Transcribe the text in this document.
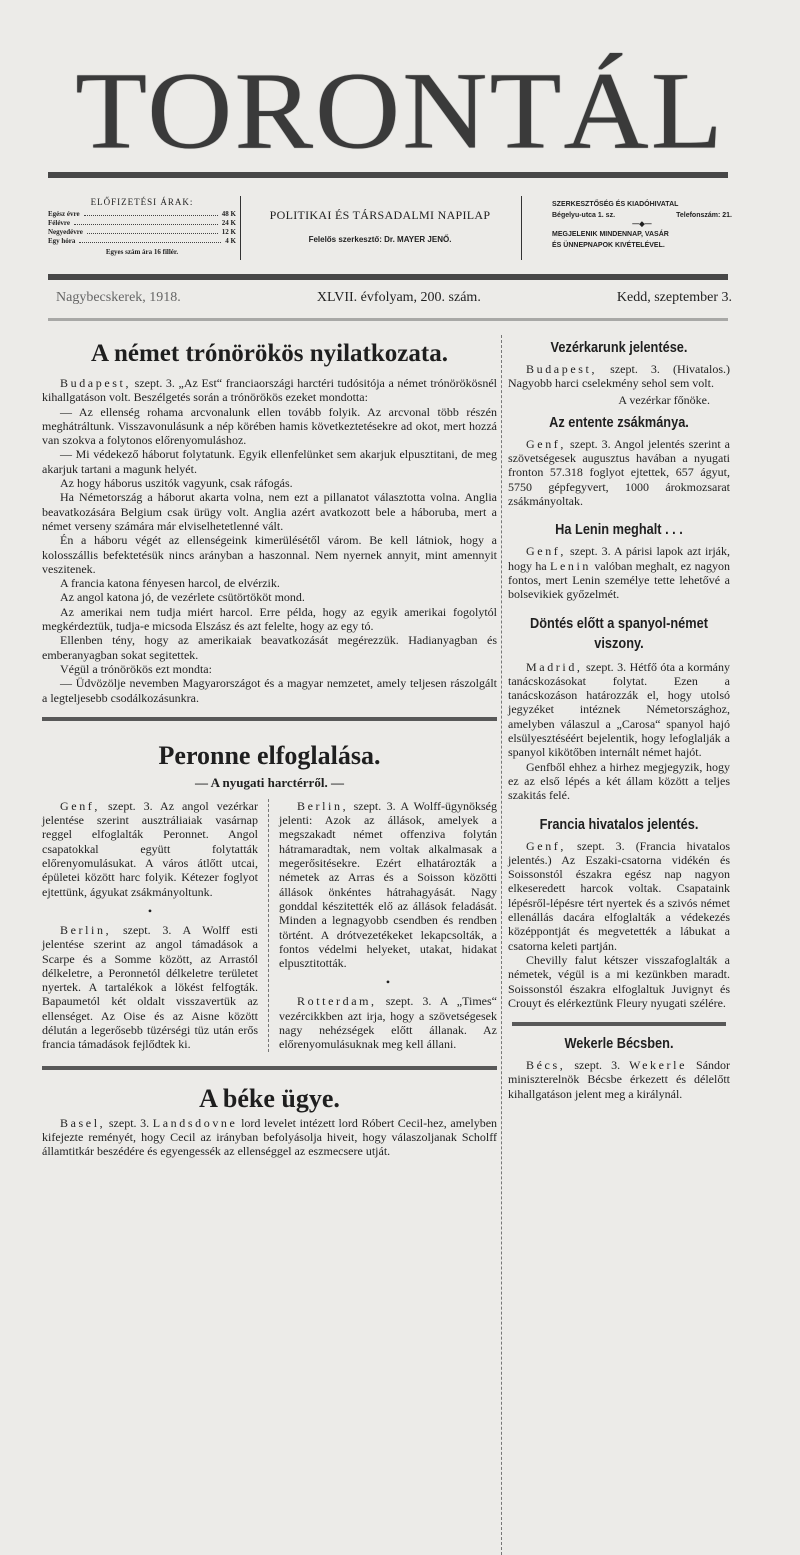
TORONTÁL
ELŐFIZETÉSI ÁRAK:
Egész évre	48 K
Félévre	24 K
Negyedévre	12 K
Egy hóra	4 K
Egyes szám ára 16 fillér.
POLITIKAI ÉS TÁRSADALMI NAPILAP
Felelős szerkesztő: Dr. MAYER JENŐ.
SZERKESZTŐSÉG ÉS KIADÓHIVATAL
Bégelyu-utca 1. sz.	Telefonszám: 21.
—◆—
MEGJELENIK MINDENNAP, VASÁR
ÉS ÜNNEPNAPOK KIVÉTELÉVEL.
Nagybecskerek, 1918.	XLVII. évfolyam, 200. szám.	Kedd, szeptember 3.
A német trónörökös nyilatkozata.

Budapest, szept. 3. „Az Est“ franciaországi harctéri tudósitója a német trónörökösnél kihallgatáson volt. Beszélgetés során a trónörökös ezeket mondotta:

— Az ellenség rohama arcvonalunk ellen tovább folyik. Az arcvonal több részén meghátráltunk. Visszavonulásunk a nép körében hamis következtetésekre ad okot, mert hozzá van szokva a folytonos előrenyomuláshoz.

— Mi védekező háborut folytatunk. Egyik ellenfelünket sem akarjuk elpusztitani, de meg akarjuk tartani a magunk helyét.

Az hogy háborus uszitók vagyunk, csak ráfogás.

Ha Németország a háborut akarta volna, nem ezt a pillanatot választotta volna. Anglia beavatkozására Belgium csak ürügy volt. Anglia azért avatkozott bele a háboruba, mert a német verseny számára már elviselhetetlenné vált.

Én a háboru végét az ellenségeink kimerülésétől várom. Be kell látniok, hogy a kolosszállis befektetésük nincs arányban a haszonnal. Nem nyernek annyit, mint amennyit veszitenek.

A francia katona fényesen harcol, de elvérzik.

Az angol katona jó, de vezérlete csütörtököt mond.

Az amerikai nem tudja miért harcol. Erre példa, hogy az egyik amerikai fogolytól megkérdeztük, tudja-e micsoda Elszász és azt felelte, hogy az egy tó.

Ellenben tény, hogy az amerikaiak beavatkozását megérezzük. Hadianyagban és emberanyagban sokat segitettek.

Végül a trónörökös ezt mondta:

— Üdvözölje nevemben Magyarországot és a magyar nemzetet, amely teljesen rászolgált a legteljesebb csodálkozásunkra.

Peronne elfoglalása.
— A nyugati harctérről. —

Genf, szept. 3. Az angol vezérkar jelentése szerint ausztráliaiak vasárnap reggel elfoglalták Peronnet. Angol csapatokkal együtt folytatták előrenyomulásukat. A város átlőtt utcai, épületei között harc folyik. Kétezer foglyot ejtettünk, ágyukat zsákmányoltunk.

•

Berlin, szept. 3. A Wolff esti jelentése szerint az angol támadások a Scarpe és a Somme között, az Arrastól délkeletre, a Peronnetól délkeletre területet nyertek. A tartalékok a lökést felfogták. Bapaumetól két oldalt visszavertük az ellenséget. Az Oise és az Aisne között délután a legerősebb tüzérségi tüz után erős francia támadások fejlődtek ki.

Berlin, szept. 3. A Wolff-ügynökség jelenti: Azok az állások, amelyek a megszakadt német offenziva folytán hátramaradtak, nem voltak alkalmasak a megerősitésekre. Ezért elhatározták a németek az Arras és a Soisson közötti állások önkéntes hátrahagyását. Nagy gonddal készitették elő az állások feladását. Minden a legnagyobb csendben és rendben történt. A drótvezetékeket lekapcsolták, a fontos védelmi helyeket, utakat, hidakat elpusztitották.

•

Rotterdam, szept. 3. A „Times“ vezércikkben azt irja, hogy a szövetségesek nagy nehézségek előtt állanak. Az előrenyomulásuknak meg kell állani.

A béke ügye.

Basel, szept. 3. Landsdovne lord levelet intézett lord Róbert Cecil-hez, amelyben kifejezte reményét, hogy Cecil az irányban befolyásolja hiveit, hogy válaszoljanak Scholff államtitkár beszédére és egyengessék az ellenséggel az eszmecsere utját.

Vezérkarunk jelentése.

Budapest, szept. 3. (Hivatalos.) Nagyobb harci cselekmény sehol sem volt.

A vezérkar főnöke.
Az entente zsákmánya.

Genf, szept. 3. Angol jelentés szerint a szövetségesek augusztus havában a nyugati fronton 57.318 foglyot ejtettek, 657 ágyut, 5750 gépfegyvert, 1000 árokmozsarat zsákmányoltak.

Ha Lenin meghalt . . .

Genf, szept. 3. A párisi lapok azt irják, hogy ha Lenin valóban meghalt, ez nagyon fontos, mert Lenin személye tette lehetővé a bolsevikiek győzelmét.

Döntés előtt a spanyol-német viszony.

Madrid, szept. 3. Hétfő óta a kormány tanácskozásokat folytat. Ezen a tanácskozáson határozzák el, hogy utolsó jegyzéket intéznek Németországhoz, amelyben válaszul a „Carosa“ spanyol hajó elsülyesztéséért bejelentik, hogy lefoglalják a spanyol kikötőben internált német hajót.

Genfből ehhez a hirhez megjegyzik, hogy ez az első lépés a két állam között a teljes szakitás felé.

Francia hivatalos jelentés.

Genf, szept. 3. (Francia hivatalos jelentés.) Az Eszaki-csatorna vidékén és Soissonstól északra egész nap nagyon elkeseredett harcok voltak. Csapataink lépésről-lépésre tért nyertek és a szivós német ellenállás dacára elfoglalták a védekezés középpontját és megvetették a lábukat a csatorna keleti partján.

Chevilly falut kétszer visszafoglalták a németek, végül is a mi kezünkben maradt. Soissonstól északra elfoglaltuk Juvignyt és Crouyt és elérkeztünk Fleury nyugati szélére.

Wekerle Bécsben.

Bécs, szept. 3. Wekerle Sándor miniszterelnök Bécsbe érkezett és délelőtt kihallgatáson jelent meg a királynál.
